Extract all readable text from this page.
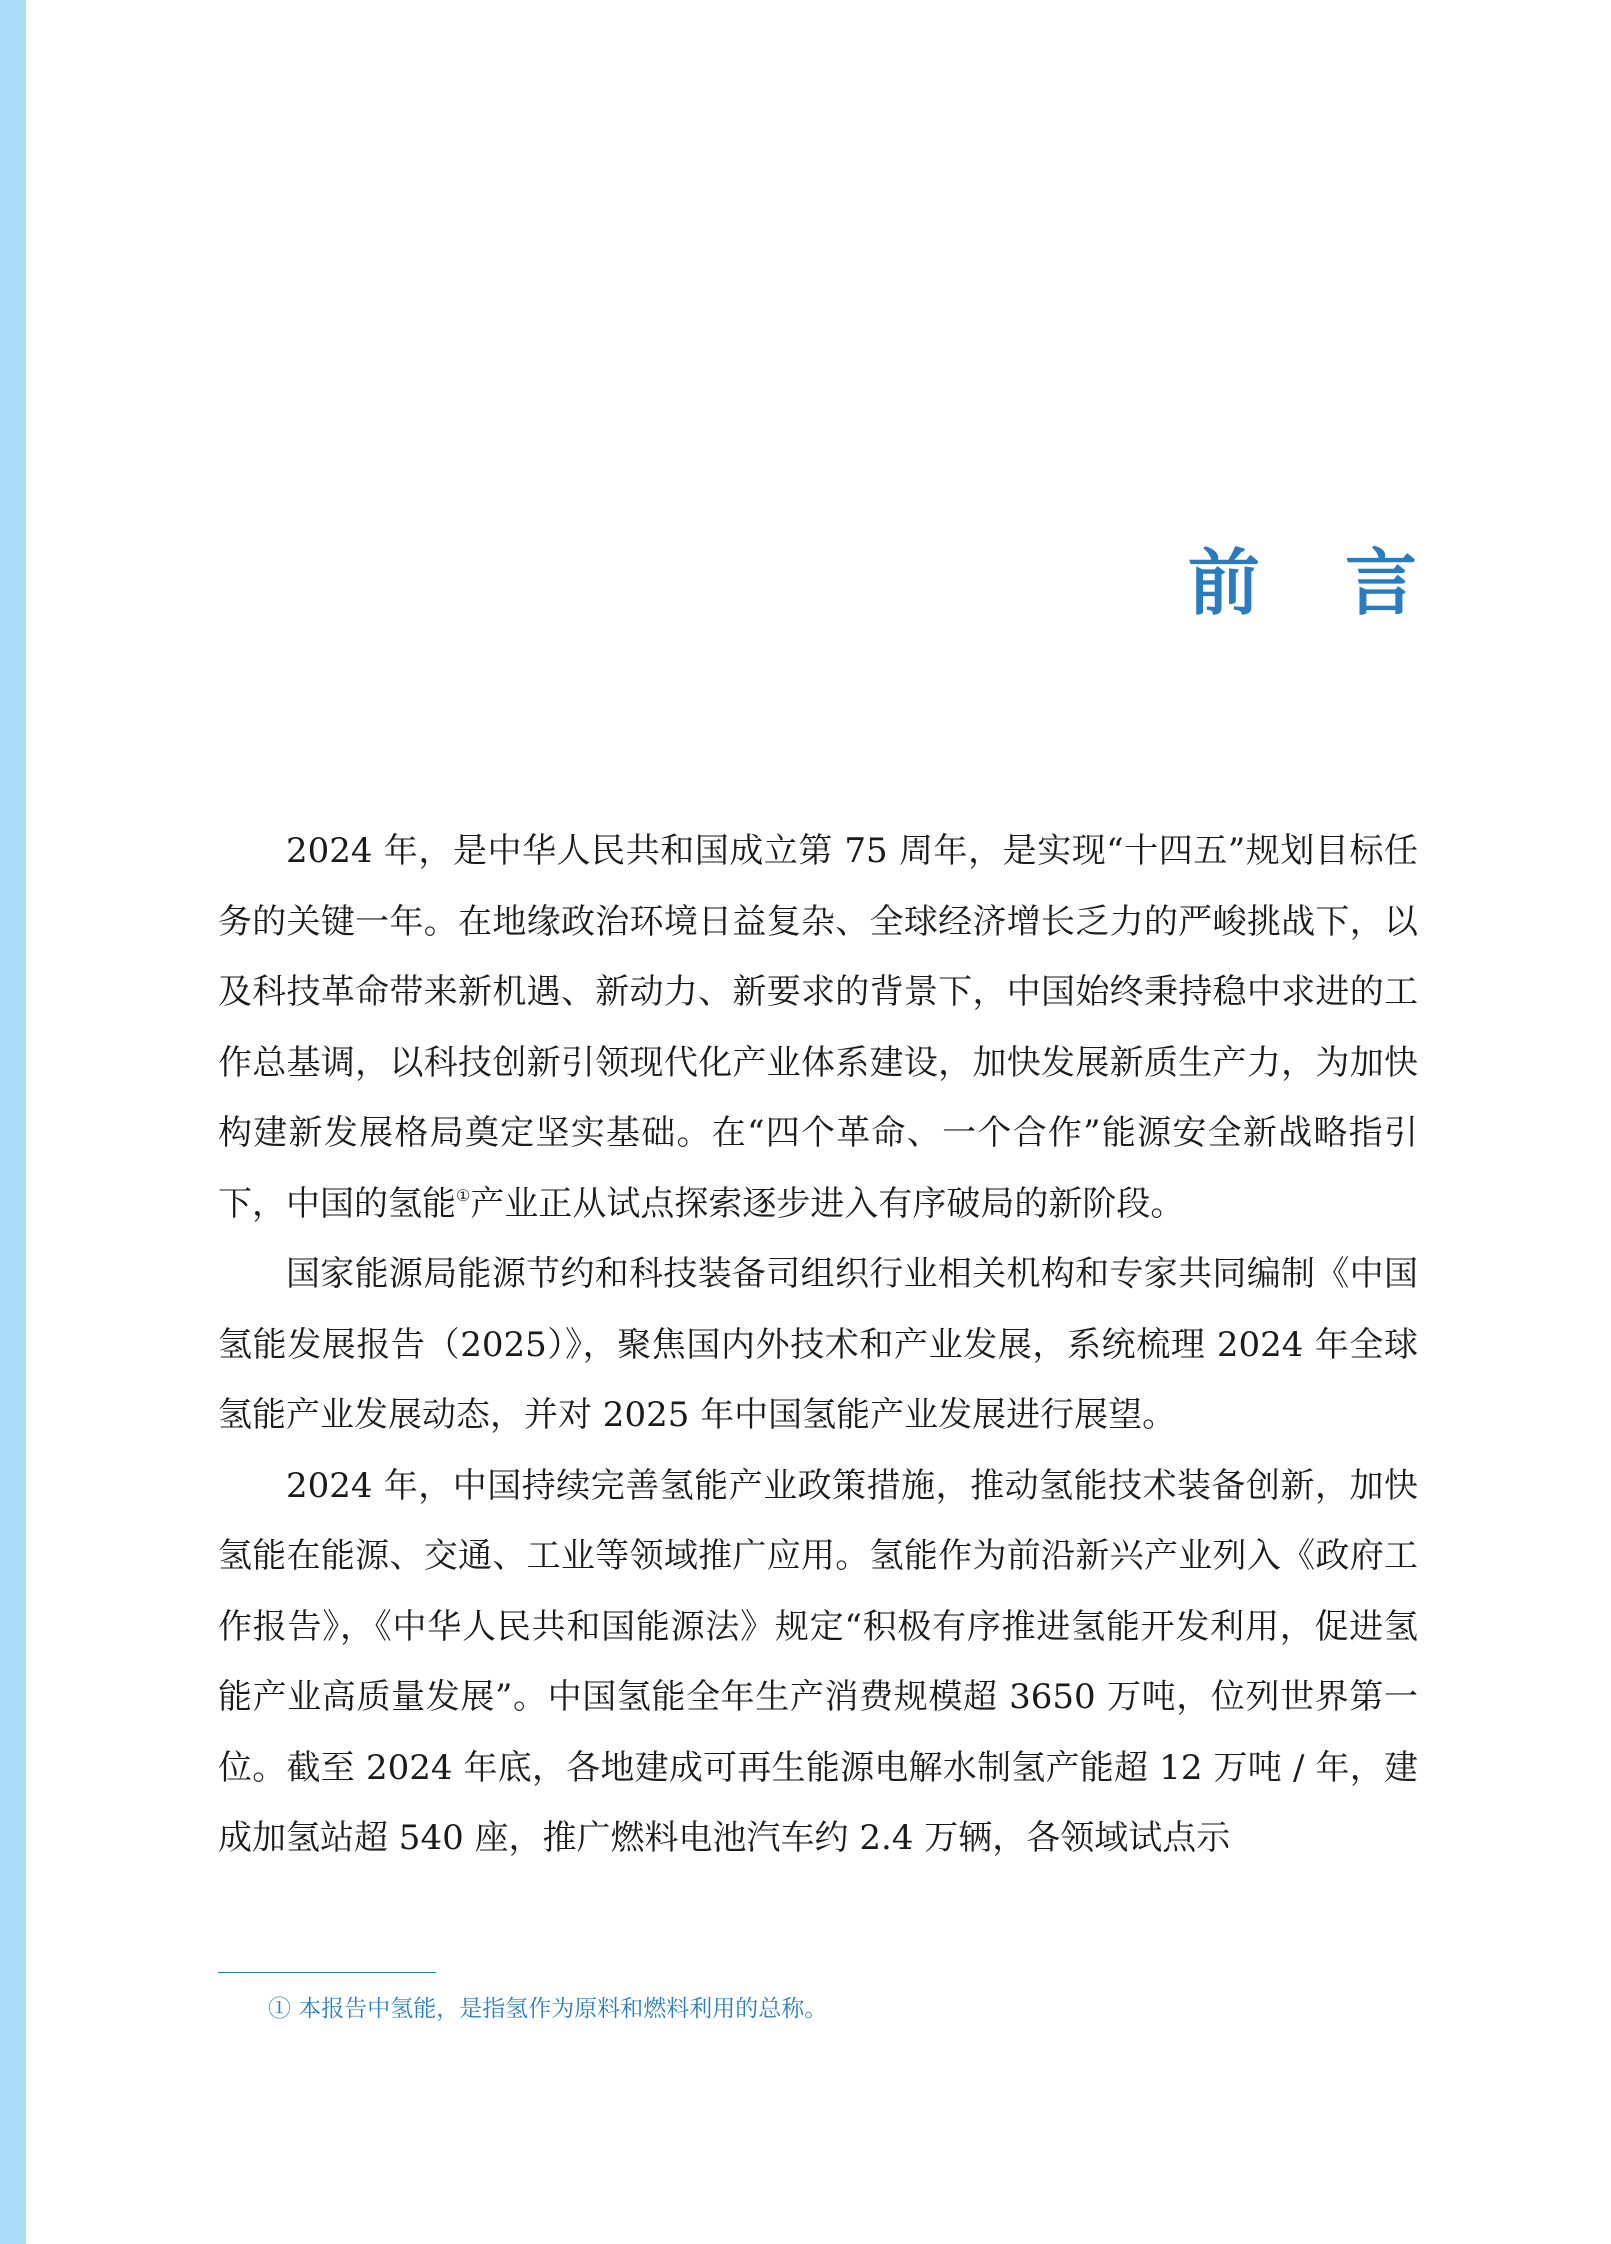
前 言

2024 年，是中华人民共和国成立第 75 周年，是实现“十四五”规划目标任务的关键一年。在地缘政治环境日益复杂、全球经济增长乏力的严峻挑战下，以及科技革命带来新机遇、新动力、新要求的背景下，中国始终秉持稳中求进的工作总基调，以科技创新引领现代化产业体系建设，加快发展新质生产力，为加快构建新发展格局奠定坚实基础。在“四个革命、一个合作”能源安全新战略指引下，中国的氢能①产业正从试点探索逐步进入有序破局的新阶段。

国家能源局能源节约和科技装备司组织行业相关机构和专家共同编制《中国氢能发展报告（2025）》，聚焦国内外技术和产业发展，系统梳理 2024 年全球氢能产业发展动态，并对 2025 年中国氢能产业发展进行展望。

2024 年，中国持续完善氢能产业政策措施，推动氢能技术装备创新，加快氢能在能源、交通、工业等领域推广应用。氢能作为前沿新兴产业列入《政府工作报告》，《中华人民共和国能源法》规定“积极有序推进氢能开发利用，促进氢能产业高质量发展”。中国氢能全年生产消费规模超 3650 万吨，位列世界第一位。截至 2024 年底，各地建成可再生能源电解水制氢产能超 12 万吨 / 年，建成加氢站超 540 座，推广燃料电池汽车约 2.4 万辆，各领域试点示

① 本报告中氢能，是指氢作为原料和燃料利用的总称。
